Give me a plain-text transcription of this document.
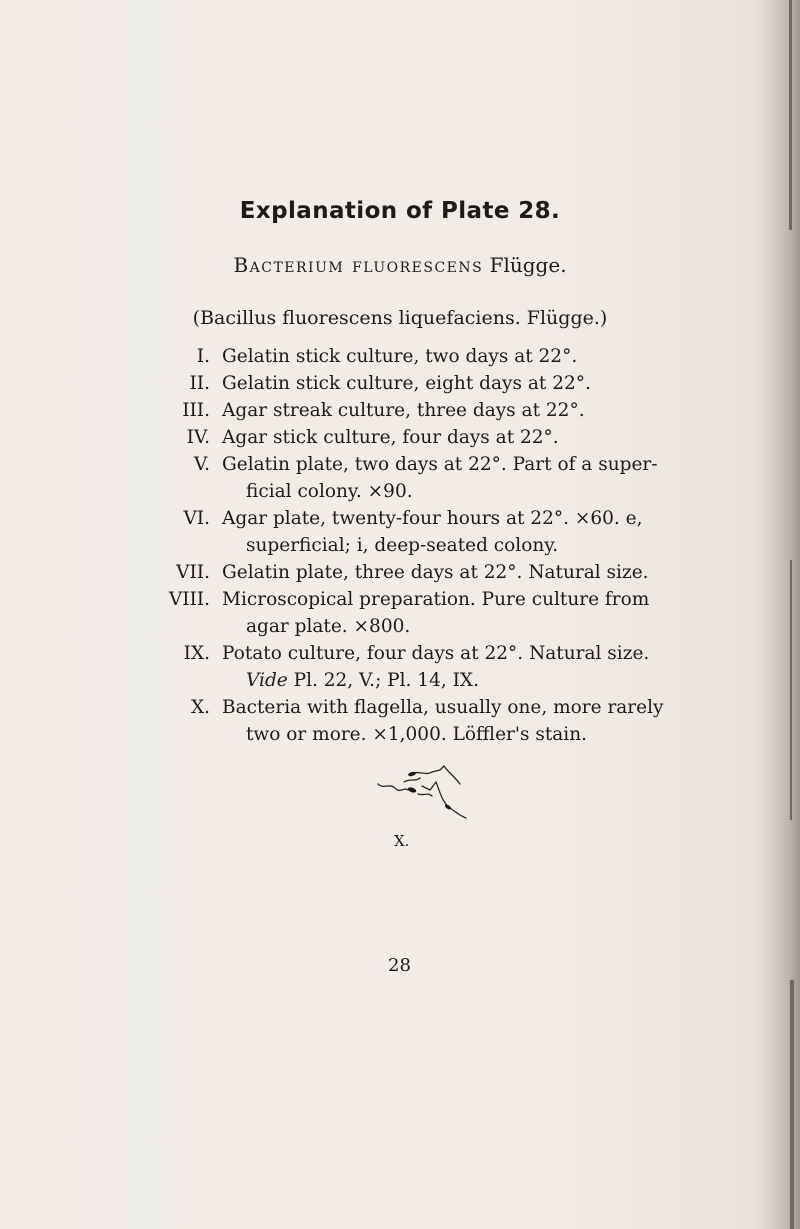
Explanation of Plate 28.
Bacterium fluorescens Flügge.
(Bacillus fluorescens liquefaciens. Flügge.)
I. Gelatin stick culture, two days at 22°.
II. Gelatin stick culture, eight days at 22°.
III. Agar streak culture, three days at 22°.
IV. Agar stick culture, four days at 22°.
V. Gelatin plate, two days at 22°. Part of a super-
ficial colony. ×90.
VI. Agar plate, twenty-four hours at 22°. ×60. e,
superficial; i, deep-seated colony.
VII. Gelatin plate, three days at 22°. Natural size.
VIII. Microscopical preparation. Pure culture from
agar plate. ×800.
IX. Potato culture, four days at 22°. Natural size.
Vide Pl. 22, V.; Pl. 14, IX.
X. Bacteria with flagella, usually one, more rarely
two or more. ×1,000. Löffler's stain.
X.
28
